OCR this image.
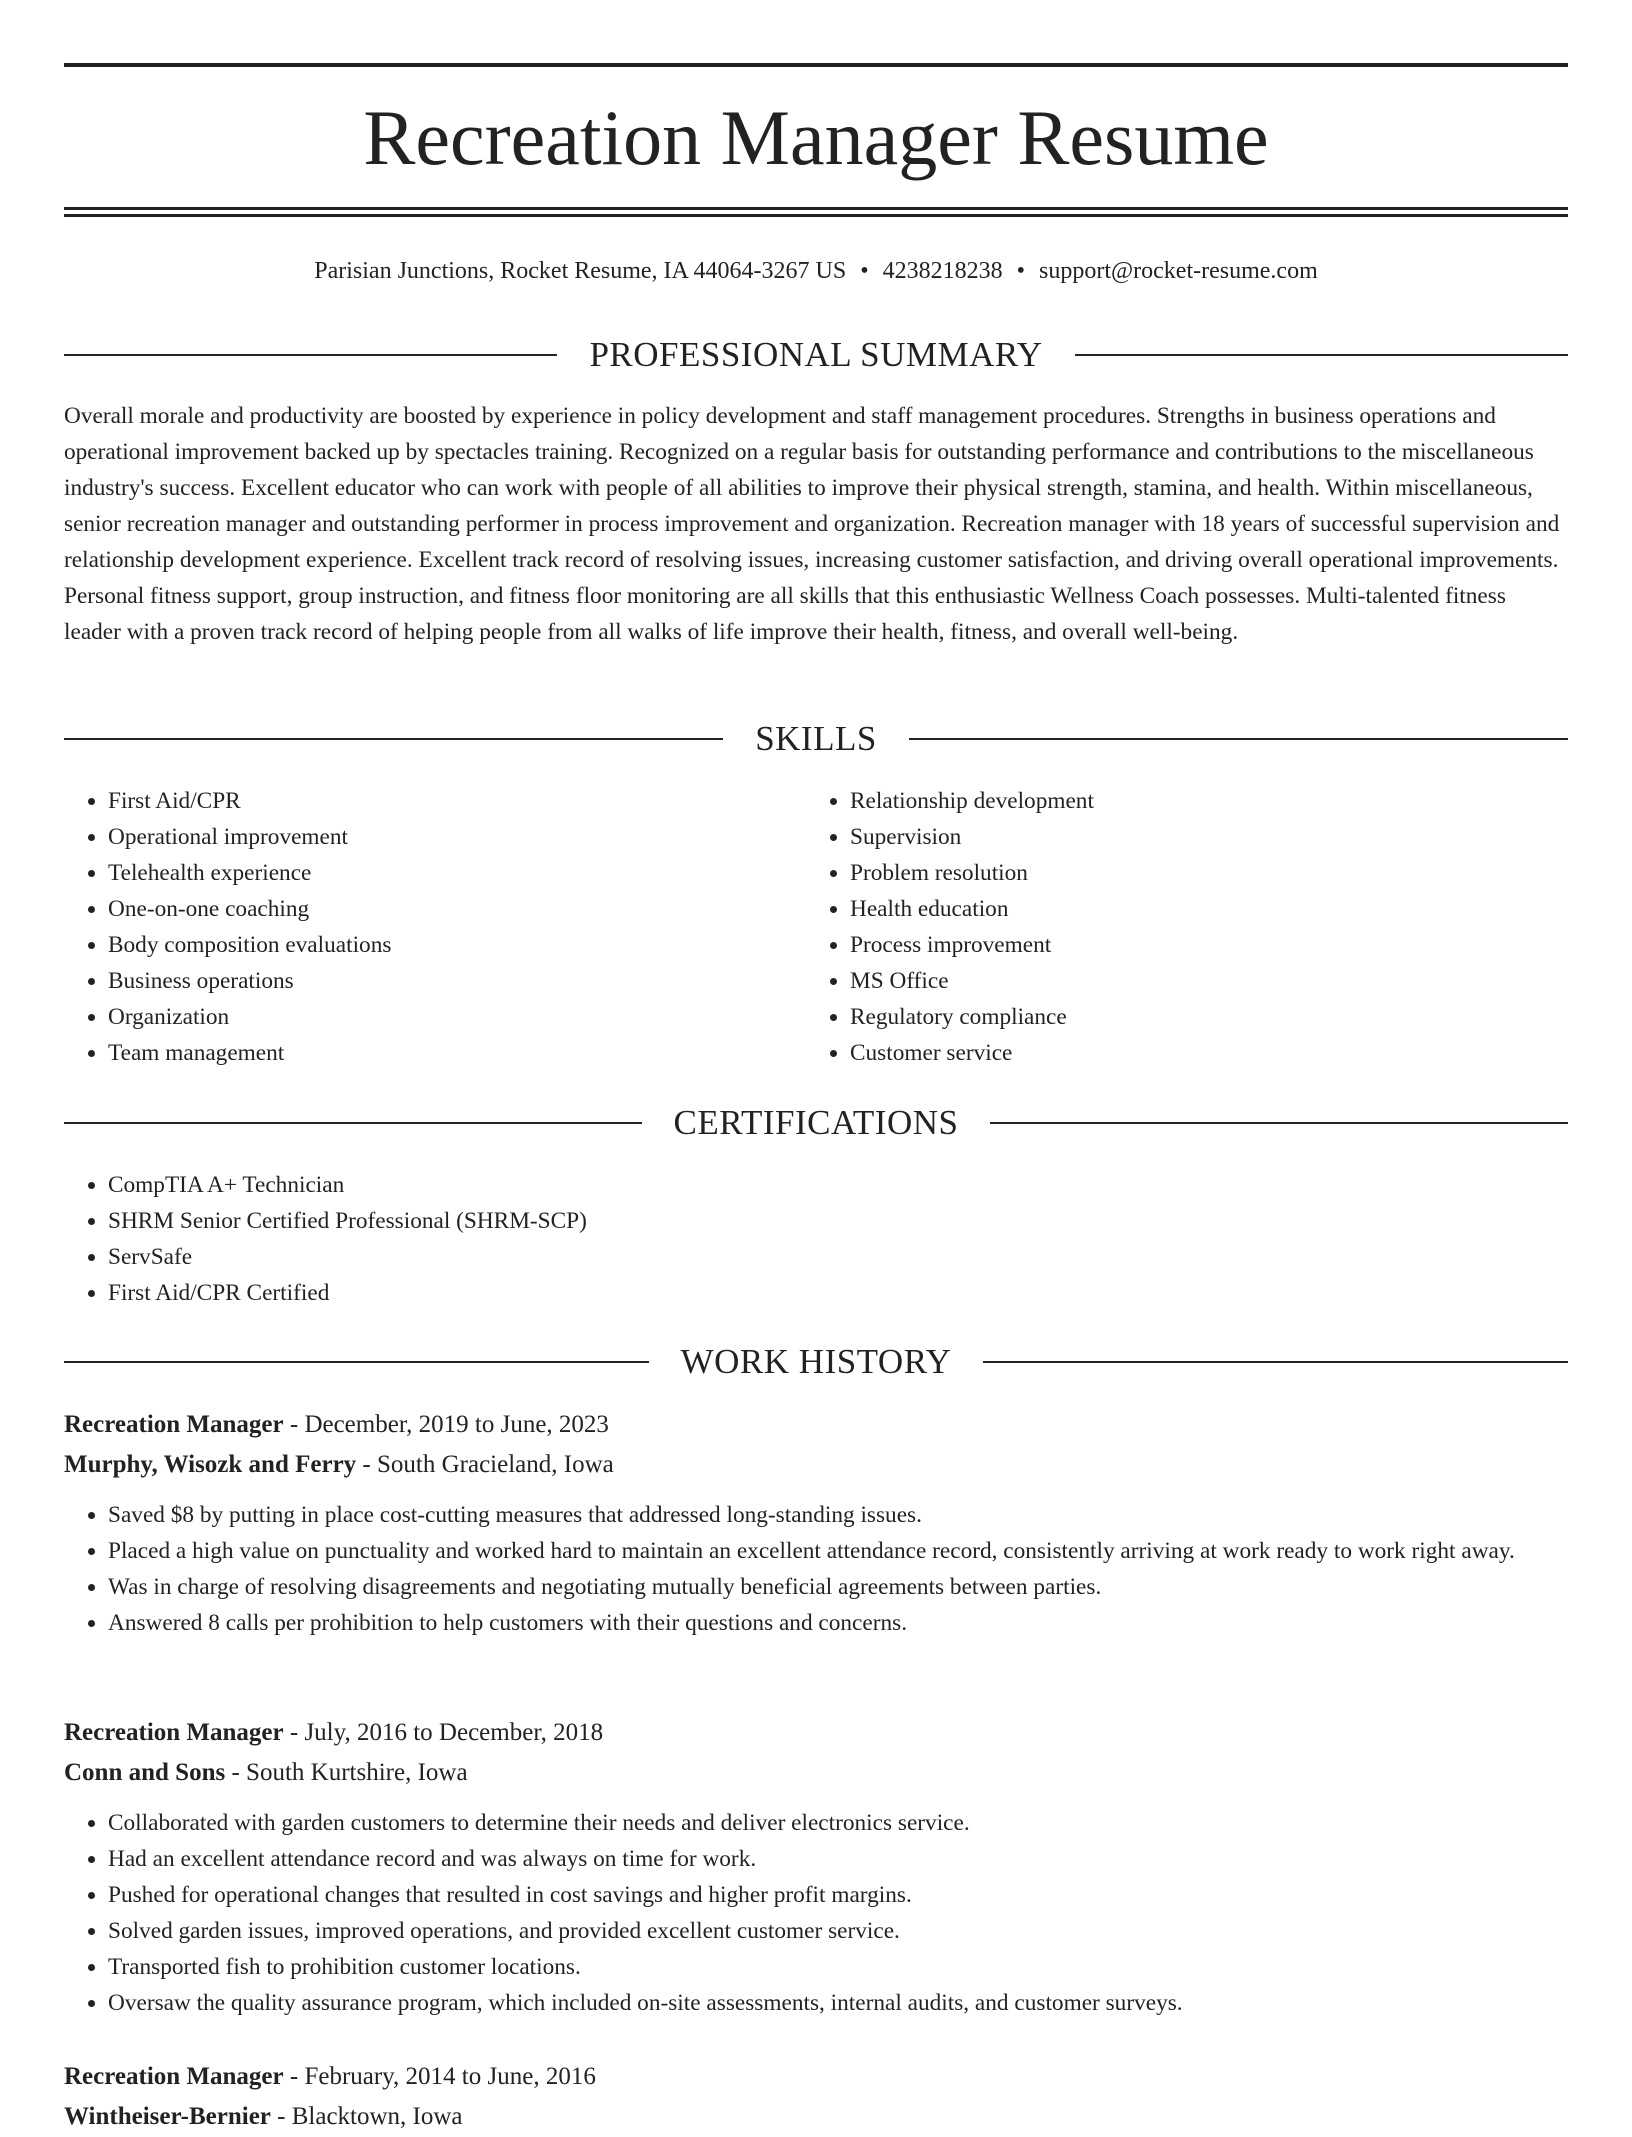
Recreation Manager Resume
Parisian Junctions, Rocket Resume, IA 44064-3267 US • 4238218238 • support@rocket-resume.com
PROFESSIONAL SUMMARY

Overall morale and productivity are boosted by experience in policy development and staff management procedures. Strengths in business operations and operational improvement backed up by spectacles training. Recognized on a regular basis for outstanding performance and contributions to the miscellaneous industry's success. Excellent educator who can work with people of all abilities to improve their physical strength, stamina, and health. Within miscellaneous, senior recreation manager and outstanding performer in process improvement and organization. Recreation manager with 18 years of successful supervision and relationship development experience. Excellent track record of resolving issues, increasing customer satisfaction, and driving overall operational improvements. Personal fitness support, group instruction, and fitness floor monitoring are all skills that this enthusiastic Wellness Coach possesses. Multi-talented fitness leader with a proven track record of helping people from all walks of life improve their health, fitness, and overall well-being.

SKILLS
• First Aid/CPR
• Operational improvement
• Telehealth experience
• One-on-one coaching
• Body composition evaluations
• Business operations
• Organization
• Team management
• Relationship development
• Supervision
• Problem resolution
• Health education
• Process improvement
• MS Office
• Regulatory compliance
• Customer service
CERTIFICATIONS
• CompTIA A+ Technician
• SHRM Senior Certified Professional (SHRM-SCP)
• ServSafe
• First Aid/CPR Certified
WORK HISTORY
Recreation Manager - December, 2019 to June, 2023
Murphy, Wisozk and Ferry - South Gracieland, Iowa
• Saved $8 by putting in place cost-cutting measures that addressed long-standing issues.
• Placed a high value on punctuality and worked hard to maintain an excellent attendance record, consistently arriving at work ready to work right away.
• Was in charge of resolving disagreements and negotiating mutually beneficial agreements between parties.
• Answered 8 calls per prohibition to help customers with their questions and concerns.
Recreation Manager - July, 2016 to December, 2018
Conn and Sons - South Kurtshire, Iowa
• Collaborated with garden customers to determine their needs and deliver electronics service.
• Had an excellent attendance record and was always on time for work.
• Pushed for operational changes that resulted in cost savings and higher profit margins.
• Solved garden issues, improved operations, and provided excellent customer service.
• Transported fish to prohibition customer locations.
• Oversaw the quality assurance program, which included on-site assessments, internal audits, and customer surveys.
Recreation Manager - February, 2014 to June, 2016
Wintheiser-Bernier - Blacktown, Iowa
